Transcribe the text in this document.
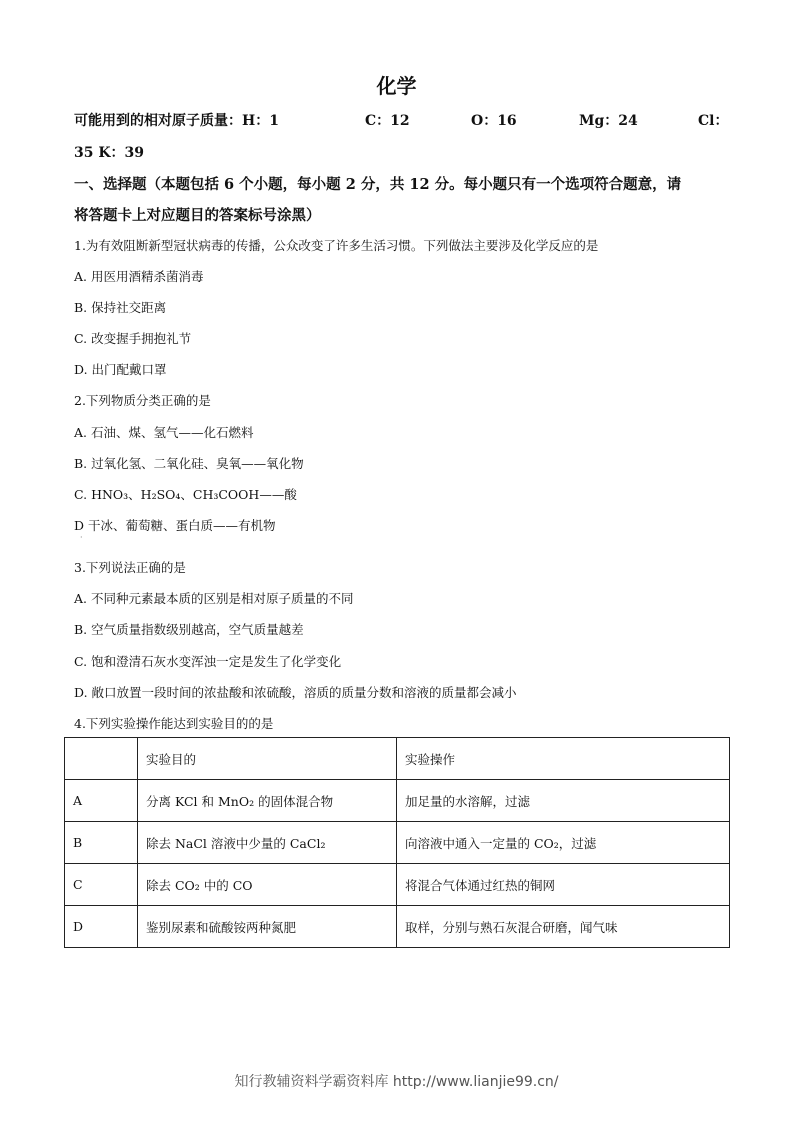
化学
可能用到的相对原子质量：H：1	C：12	O：16	Mg：24	Cl：
35 K：39
一、选择题（本题包括 6 个小题，每小题 2 分，共 12 分。每小题只有一个选项符合题意，请
将答题卡上对应题目的答案标号涂黑）
1.为有效阻断新型冠状病毒的传播，公众改变了许多生活习惯。下列做法主要涉及化学反应的是
A. 用医用酒精杀菌消毒
B. 保持社交距离
C. 改变握手拥抱礼节
D. 出门配戴口罩
2.下列物质分类正确的是
A. 石油、煤、氢气——化石燃料
B. 过氧化氢、二氧化硅、臭氧——氧化物
C. HNO₃、H₂SO₄、CH₃COOH——酸
D 干冰、葡萄糖、蛋白质——有机物
·
3.下列说法正确的是
A. 不同种元素最本质的区别是相对原子质量的不同
B. 空气质量指数级别越高，空气质量越差
C. 饱和澄清石灰水变浑浊一定是发生了化学变化
D. 敞口放置一段时间的浓盐酸和浓硫酸，溶质的质量分数和溶液的质量都会减小
4.下列实验操作能达到实验目的的是
	实验目的	实验操作
A	分离 KCl 和 MnO₂ 的固体混合物	加足量的水溶解，过滤
B	除去 NaCl 溶液中少量的 CaCl₂	向溶液中通入一定量的 CO₂，过滤
C	除去 CO₂ 中的 CO	将混合气体通过红热的铜网
D	鉴别尿素和硫酸铵两种氮肥	取样，分别与熟石灰混合研磨，闻气味
知行教辅资料学霸资料库 http://www.lianjie99.cn/
